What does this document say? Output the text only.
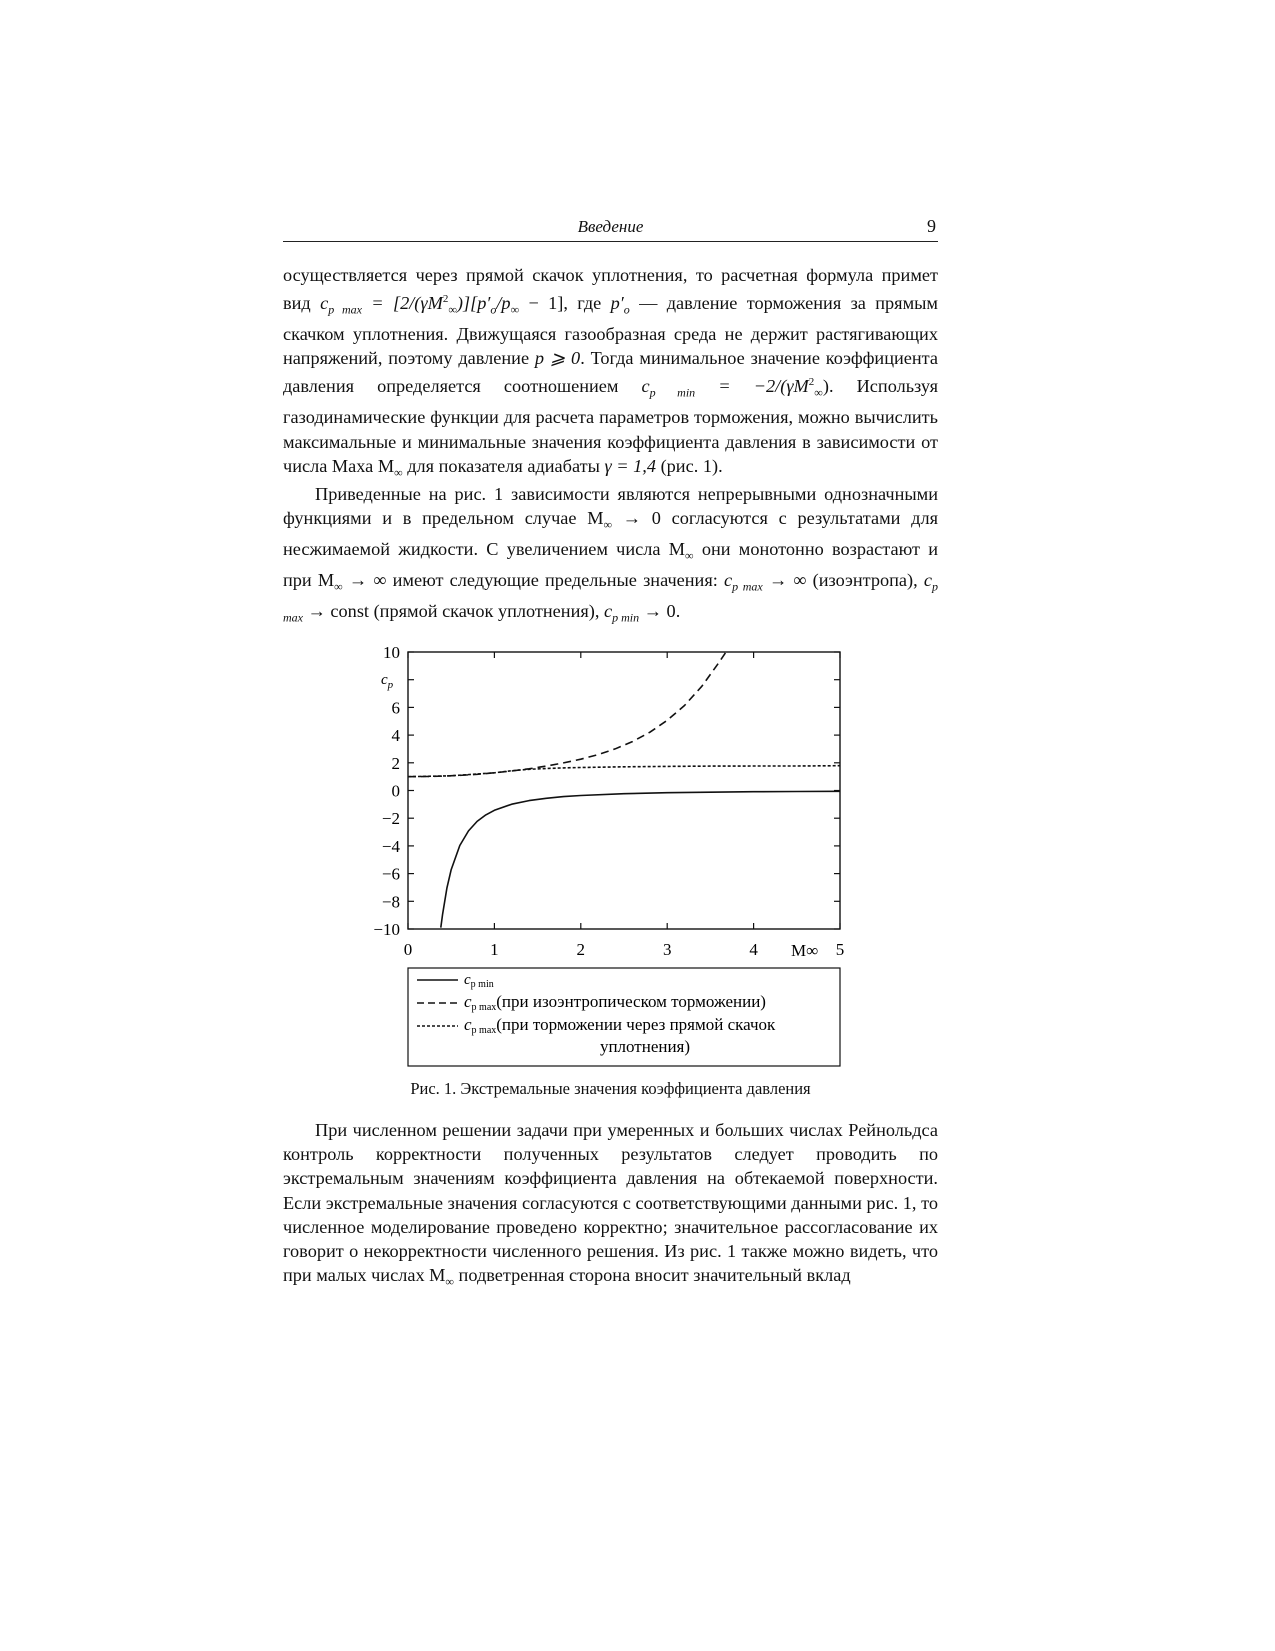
Введение	9

осуществляется через прямой скачок уплотнения, то расчетная формула примет вид $c_{p max} = [2/(\gamma M^2_\infty)][p'_o/p_\infty - 1]$, где $p'_o$ — давление торможения за прямым скачком уплотнения. Движущаяся газообразная среда не держит растягивающих напряжений, поэтому давление p ⩾ 0. Тогда минимальное значение коэффициента давления определяется соотношением $c_{p min} = -2/(\gamma M^2_\infty)$. Используя газодинамические функции для расчета параметров торможения, можно вычислить максимальные и минимальные значения коэффициента давления в зависимости от числа Маха $M_\infty$ для показателя адиабаты γ = 1,4 (рис. 1).

Приведенные на рис. 1 зависимости являются непрерывными однозначными функциями и в предельном случае $M_\infty \to 0$ согласуются с результатами для несжимаемой жидкости. С увеличением числа $M_\infty$ они монотонно возрастают и при $M_\infty$ → ∞ имеют следующие предельные значения: $c_{p max}$ → ∞ (изоэнтропа), $c_{p max}$ → const (прямой скачок уплотнения), $c_{p min} \to 0$.

10
6
4
2
0
−2
−4
−6
−8
−10
0	1	2	3	4	5
$c_p$
M∞
$c_{p min}$
cp max(при изоэнтропическом торможении)
cp max(при торможении через прямой скачок
уплотнения)
Рис. 1. Экстремальные значения коэффициента давления

При численном решении задачи при умеренных и больших числах Рейнольдса контроль корректности полученных результатов следует проводить по экстремальным значениям коэффициента давления на обтекаемой поверхности. Если экстремальные значения согласуются с соответствующими данными рис. 1, то численное моделирование проведено корректно; значительное рассогласование их говорит о некорректности численного решения. Из рис. 1 также можно видеть, что при малых числах $M_\infty$ подветренная сторона вносит значительный вклад
